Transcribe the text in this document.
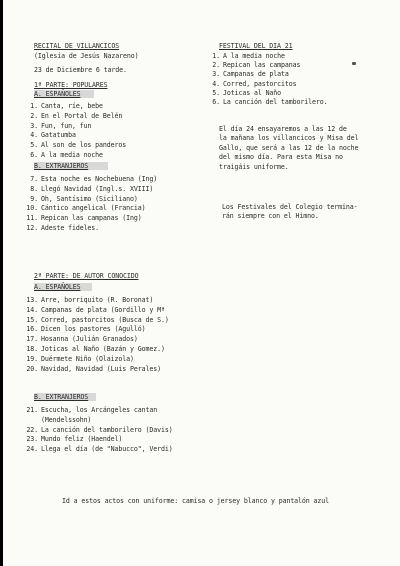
RECITAL DE VILLANCICOS
(Iglesia de Jesús Nazareno)
23 de Diciembre 6 tarde.
1ª PARTE: POPULARES
A. ESPAÑOLES
1. Canta, ríe, bebe
2. En el Portal de Belén
3. Fun, fun, fun
4. Gatatumba
5. Al son de los panderos
6. A la media noche
B. EXTRANJEROS
7. Esta noche es Nochebuena (Ing)
8. Llegó Navidad (Ingl.s. XVIII)
9. Oh, Santísimo (Siciliano)
10. Cántico angelical (Francia)
11. Repican las campanas (Ing)
12. Adeste fideles.
2ª PARTE: DE AUTOR CONOCIDO
A. ESPAÑOLES
13. Arre, borriquito (R. Boronat)
14. Campanas de plata (Gordillo y Mª
15. Corred, pastorcitos (Busca de S.)
16. Dicen los pastores (Agulló)
17. Hosanna (Julián Granados)
18. Joticas al Naño (Bazán y Gomez.)
19. Duérmete Niño (Olaizola)
20. Navidad, Navidad (Luis Perales)
B. EXTRANJEROS
21. Escucha, los Arcángeles cantan
(Mendelssohn)
22. La canción del tamborilero (Davis)
23. Mundo feliz (Haendel)
24. Llega el día (de "Nabucco", Verdi)
FESTIVAL DEL DIA 21
1. A la media noche
2. Repican las campanas
3. Campanas de plata
4. Corred, pastorcitos
5. Joticas al Naño
6. La canción del tamborilero.
El día 24 ensayaremos a las 12 de
la mañana los villancicos y Misa del
Gallo, que será a las 12 de la noche
del mismo día. Para esta Misa no
traigáis uniforme.
Los Festivales del Colegio termina-
rán siempre con el Himno.
Id a estos actos con uniforme: camisa o jersey blanco y pantalón azul
